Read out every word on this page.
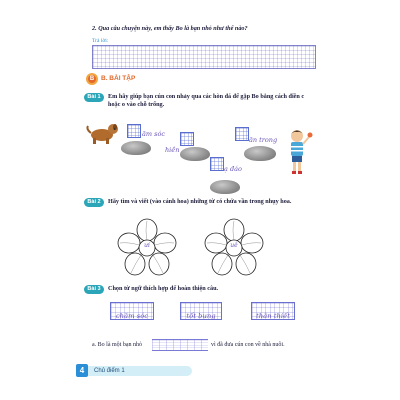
2. Qua câu chuyện này, em thấy Bo là bạn nhỏ như thế nào?
Trả lời:
B B. BÀI TẬP
Bài 1	Em hãy giúp bạn cún con nhảy qua các hòn đá để gặp Bo bằng cách điền c hoặc o vào chỗ trống.
ăm sóc
hiền
ăn trong
ạ đáo
Bài 2	Hãy tìm và viết (vào cánh hoa) những từ có chứa vần trong nhụy hoa.
ưi	uê
Bài 3	Chọn từ ngữ thích hợp để hoàn thiện câu.
chăm sóc	tốt bụng	thân thiết
a. Bo là một bạn nhỏ	vì đã đưa cún con về nhà nuôi.
Chủ điểm 1
4
